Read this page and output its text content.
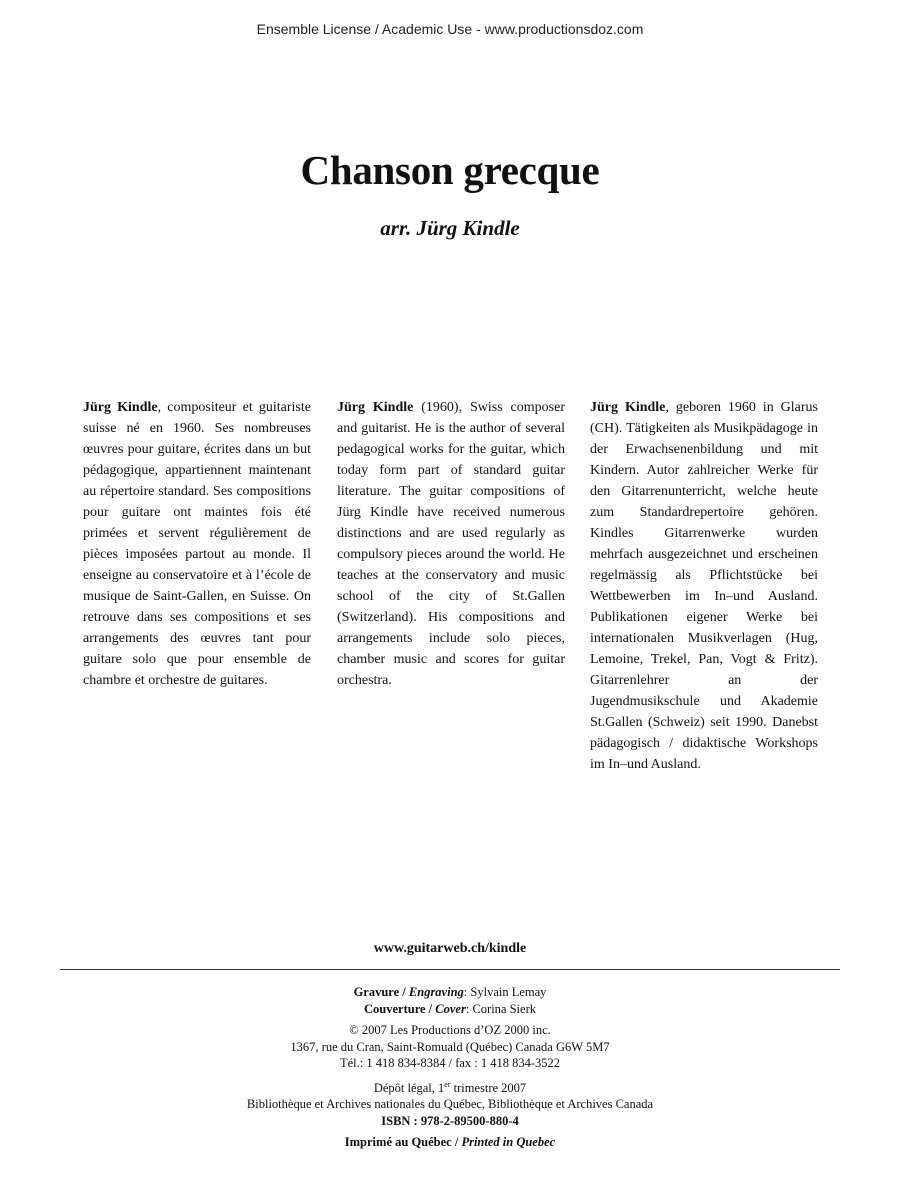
Ensemble License / Academic Use - www.productionsdoz.com
Chanson grecque
arr. Jürg Kindle
Jürg Kindle, compositeur et guitariste suisse né en 1960. Ses nombreuses œuvres pour guitare, écrites dans un but pédagogique, appartiennent maintenant au répertoire standard. Ses compositions pour guitare ont maintes fois été primées et servent régulièrement de pièces imposées partout au monde. Il enseigne au conservatoire et à l’école de musique de Saint-Gallen, en Suisse. On retrouve dans ses compositions et ses arrangements des œuvres tant pour guitare solo que pour ensemble de chambre et orchestre de guitares.
Jürg Kindle (1960), Swiss composer and guitarist. He is the author of several pedagogical works for the guitar, which today form part of standard guitar literature. The guitar compositions of Jürg Kindle have received numerous distinctions and are used regularly as compulsory pieces around the world. He teaches at the conservatory and music school of the city of St.Gallen (Switzerland). His compositions and arrangements include solo pieces, chamber music and scores for guitar orchestra.
Jürg Kindle, geboren 1960 in Glarus (CH). Tätigkeiten als Musikpädagoge in der Erwachsenenbildung und mit Kindern. Autor zahlreicher Werke für den Gitarrenunterricht, welche heute zum Standardrepertoire gehören. Kindles Gitarrenwerke wurden mehrfach ausgezeichnet und erscheinen regelmässig als Pflichtstücke bei Wettbewerben im In–und Ausland. Publikationen eigener Werke bei internationalen Musikverlagen (Hug, Lemoine, Trekel, Pan, Vogt & Fritz). Gitarrenlehrer an der Jugendmusikschule und Akademie St.Gallen (Schweiz) seit 1990. Danebst pädagogisch / didaktische Workshops im In–und Ausland.
www.guitarweb.ch/kindle
Gravure / Engraving: Sylvain Lemay
Couverture / Cover: Corina Sierk
© 2007 Les Productions d’OZ 2000 inc.
1367, rue du Cran, Saint-Romuald (Québec) Canada G6W 5M7
Tél.: 1 418 834-8384 / fax : 1 418 834-3522
Dépôt légal, 1er trimestre 2007
Bibliothèque et Archives nationales du Québec, Bibliothèque et Archives Canada
ISBN : 978-2-89500-880-4
Imprimé au Québec / Printed in Quebec
